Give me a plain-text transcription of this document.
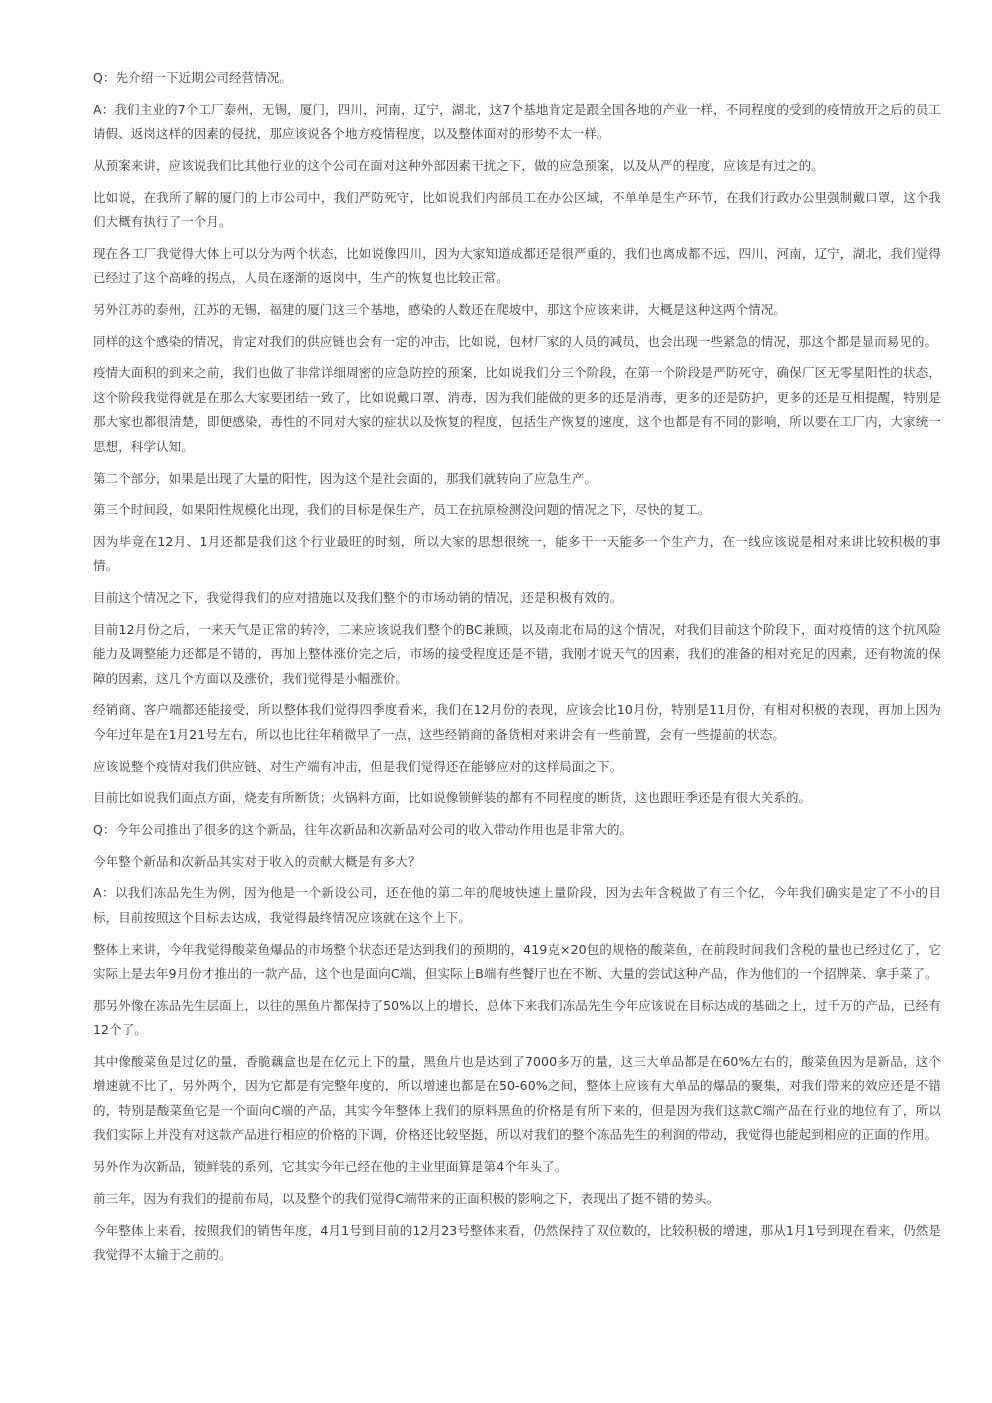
Q：先介绍一下近期公司经营情况。

A：我们主业的7个工厂泰州，无锡，厦门，四川，河南，辽宁，湖北，这7个基地肯定是跟全国各地的产业一样，不同程度的受到的疫情放开之后的员工请假、返岗这样的因素的侵扰，那应该说各个地方疫情程度，以及整体面对的形势不太一样。

从预案来讲，应该说我们比其他行业的这个公司在面对这种外部因素干扰之下，做的应急预案，以及从严的程度，应该是有过之的。

比如说，在我所了解的厦门的上市公司中，我们严防死守，比如说我们内部员工在办公区域，不单单是生产环节，在我们行政办公里强制戴口罩，这个我们大概有执行了一个月。

现在各工厂我觉得大体上可以分为两个状态，比如说像四川，因为大家知道成都还是很严重的，我们也离成都不远，四川，河南，辽宁，湖北，我们觉得已经过了这个高峰的拐点，人员在逐渐的返岗中，生产的恢复也比较正常。

另外江苏的泰州，江苏的无锡，福建的厦门这三个基地，感染的人数还在爬坡中，那这个应该来讲，大概是这种这两个情况。

同样的这个感染的情况，肯定对我们的供应链也会有一定的冲击，比如说，包材厂家的人员的减员，也会出现一些紧急的情况，那这个都是显而易见的。

疫情大面积的到来之前，我们也做了非常详细周密的应急防控的预案，比如说我们分三个阶段，在第一个阶段是严防死守，确保厂区无零星阳性的状态，这个阶段我觉得就是在那么大家要团结一致了，比如说戴口罩、消毒，因为我们能做的更多的还是消毒，更多的还是防护，更多的还是互相提醒，特别是那大家也都很清楚，即便感染，毒性的不同对大家的症状以及恢复的程度，包括生产恢复的速度，这个也都是有不同的影响，所以要在工厂内，大家统一思想，科学认知。

第二个部分，如果是出现了大量的阳性，因为这个是社会面的，那我们就转向了应急生产。

第三个时间段，如果阳性规模化出现，我们的目标是保生产，员工在抗原检测没问题的情况之下，尽快的复工。

因为毕竟在12月、1月还都是我们这个行业最旺的时刻，所以大家的思想很统一，能多干一天能多一个生产力，在一线应该说是相对来讲比较积极的事情。

目前这个情况之下，我觉得我们的应对措施以及我们整个的市场动销的情况，还是积极有效的。

目前12月份之后，一来天气是正常的转冷，二来应该说我们整个的BC兼顾，以及南北布局的这个情况，对我们目前这个阶段下，面对疫情的这个抗风险能力及调整能力还都是不错的，再加上整体涨价完之后，市场的接受程度还是不错，我刚才说天气的因素，我们的准备的相对充足的因素，还有物流的保障的因素，这几个方面以及涨价，我们觉得是小幅涨价。

经销商、客户端都还能接受，所以整体我们觉得四季度看来，我们在12月份的表现，应该会比10月份，特别是11月份，有相对积极的表现，再加上因为今年过年是在1月21号左右，所以也比往年稍微早了一点，这些经销商的备货相对来讲会有一些前置，会有一些提前的状态。

应该说整个疫情对我们供应链、对生产端有冲击，但是我们觉得还在能够应对的这样局面之下。

目前比如说我们面点方面，烧麦有所断货；火锅料方面，比如说像锁鲜装的都有不同程度的断货，这也跟旺季还是有很大关系的。

Q：今年公司推出了很多的这个新品，往年次新品和次新品对公司的收入带动作用也是非常大的。

今年整个新品和次新品其实对于收入的贡献大概是有多大？

A：以我们冻品先生为例，因为他是一个新设公司，还在他的第二年的爬坡快速上量阶段，因为去年含税做了有三个亿，今年我们确实是定了不小的目标，目前按照这个目标去达成，我觉得最终情况应该就在这个上下。

整体上来讲，今年我觉得酸菜鱼爆品的市场整个状态还是达到我们的预期的，419克×20包的规格的酸菜鱼，在前段时间我们含税的量也已经过亿了，它实际上是去年9月份才推出的一款产品，这个也是面向C端，但实际上B端有些餐厅也在不断、大量的尝试这种产品，作为他们的一个招牌菜、拿手菜了。

那另外像在冻品先生层面上，以往的黑鱼片都保持了50%以上的增长，总体下来我们冻品先生今年应该说在目标达成的基础之上，过千万的产品，已经有12个了。

其中像酸菜鱼是过亿的量，香脆藕盒也是在亿元上下的量，黑鱼片也是达到了7000多万的量，这三大单品都是在60%左右的，酸菜鱼因为是新品，这个增速就不比了，另外两个，因为它都是有完整年度的，所以增速也都是在50-60%之间，整体上应该有大单品的爆品的聚集，对我们带来的效应还是不错的，特别是酸菜鱼它是一个面向C端的产品，其实今年整体上我们的原料黑鱼的价格是有所下来的，但是因为我们这款C端产品在行业的地位有了，所以我们实际上并没有对这款产品进行相应的价格的下调，价格还比较坚挺，所以对我们的整个冻品先生的利润的带动，我觉得也能起到相应的正面的作用。

另外作为次新品，锁鲜装的系列，它其实今年已经在他的主业里面算是第4个年头了。

前三年，因为有我们的提前布局，以及整个的我们觉得C端带来的正面积极的影响之下，表现出了挺不错的势头。

今年整体上来看，按照我们的销售年度，4月1号到目前的12月23号整体来看，仍然保持了双位数的，比较积极的增速，那从1月1号到现在看来，仍然是我觉得不太输于之前的。
